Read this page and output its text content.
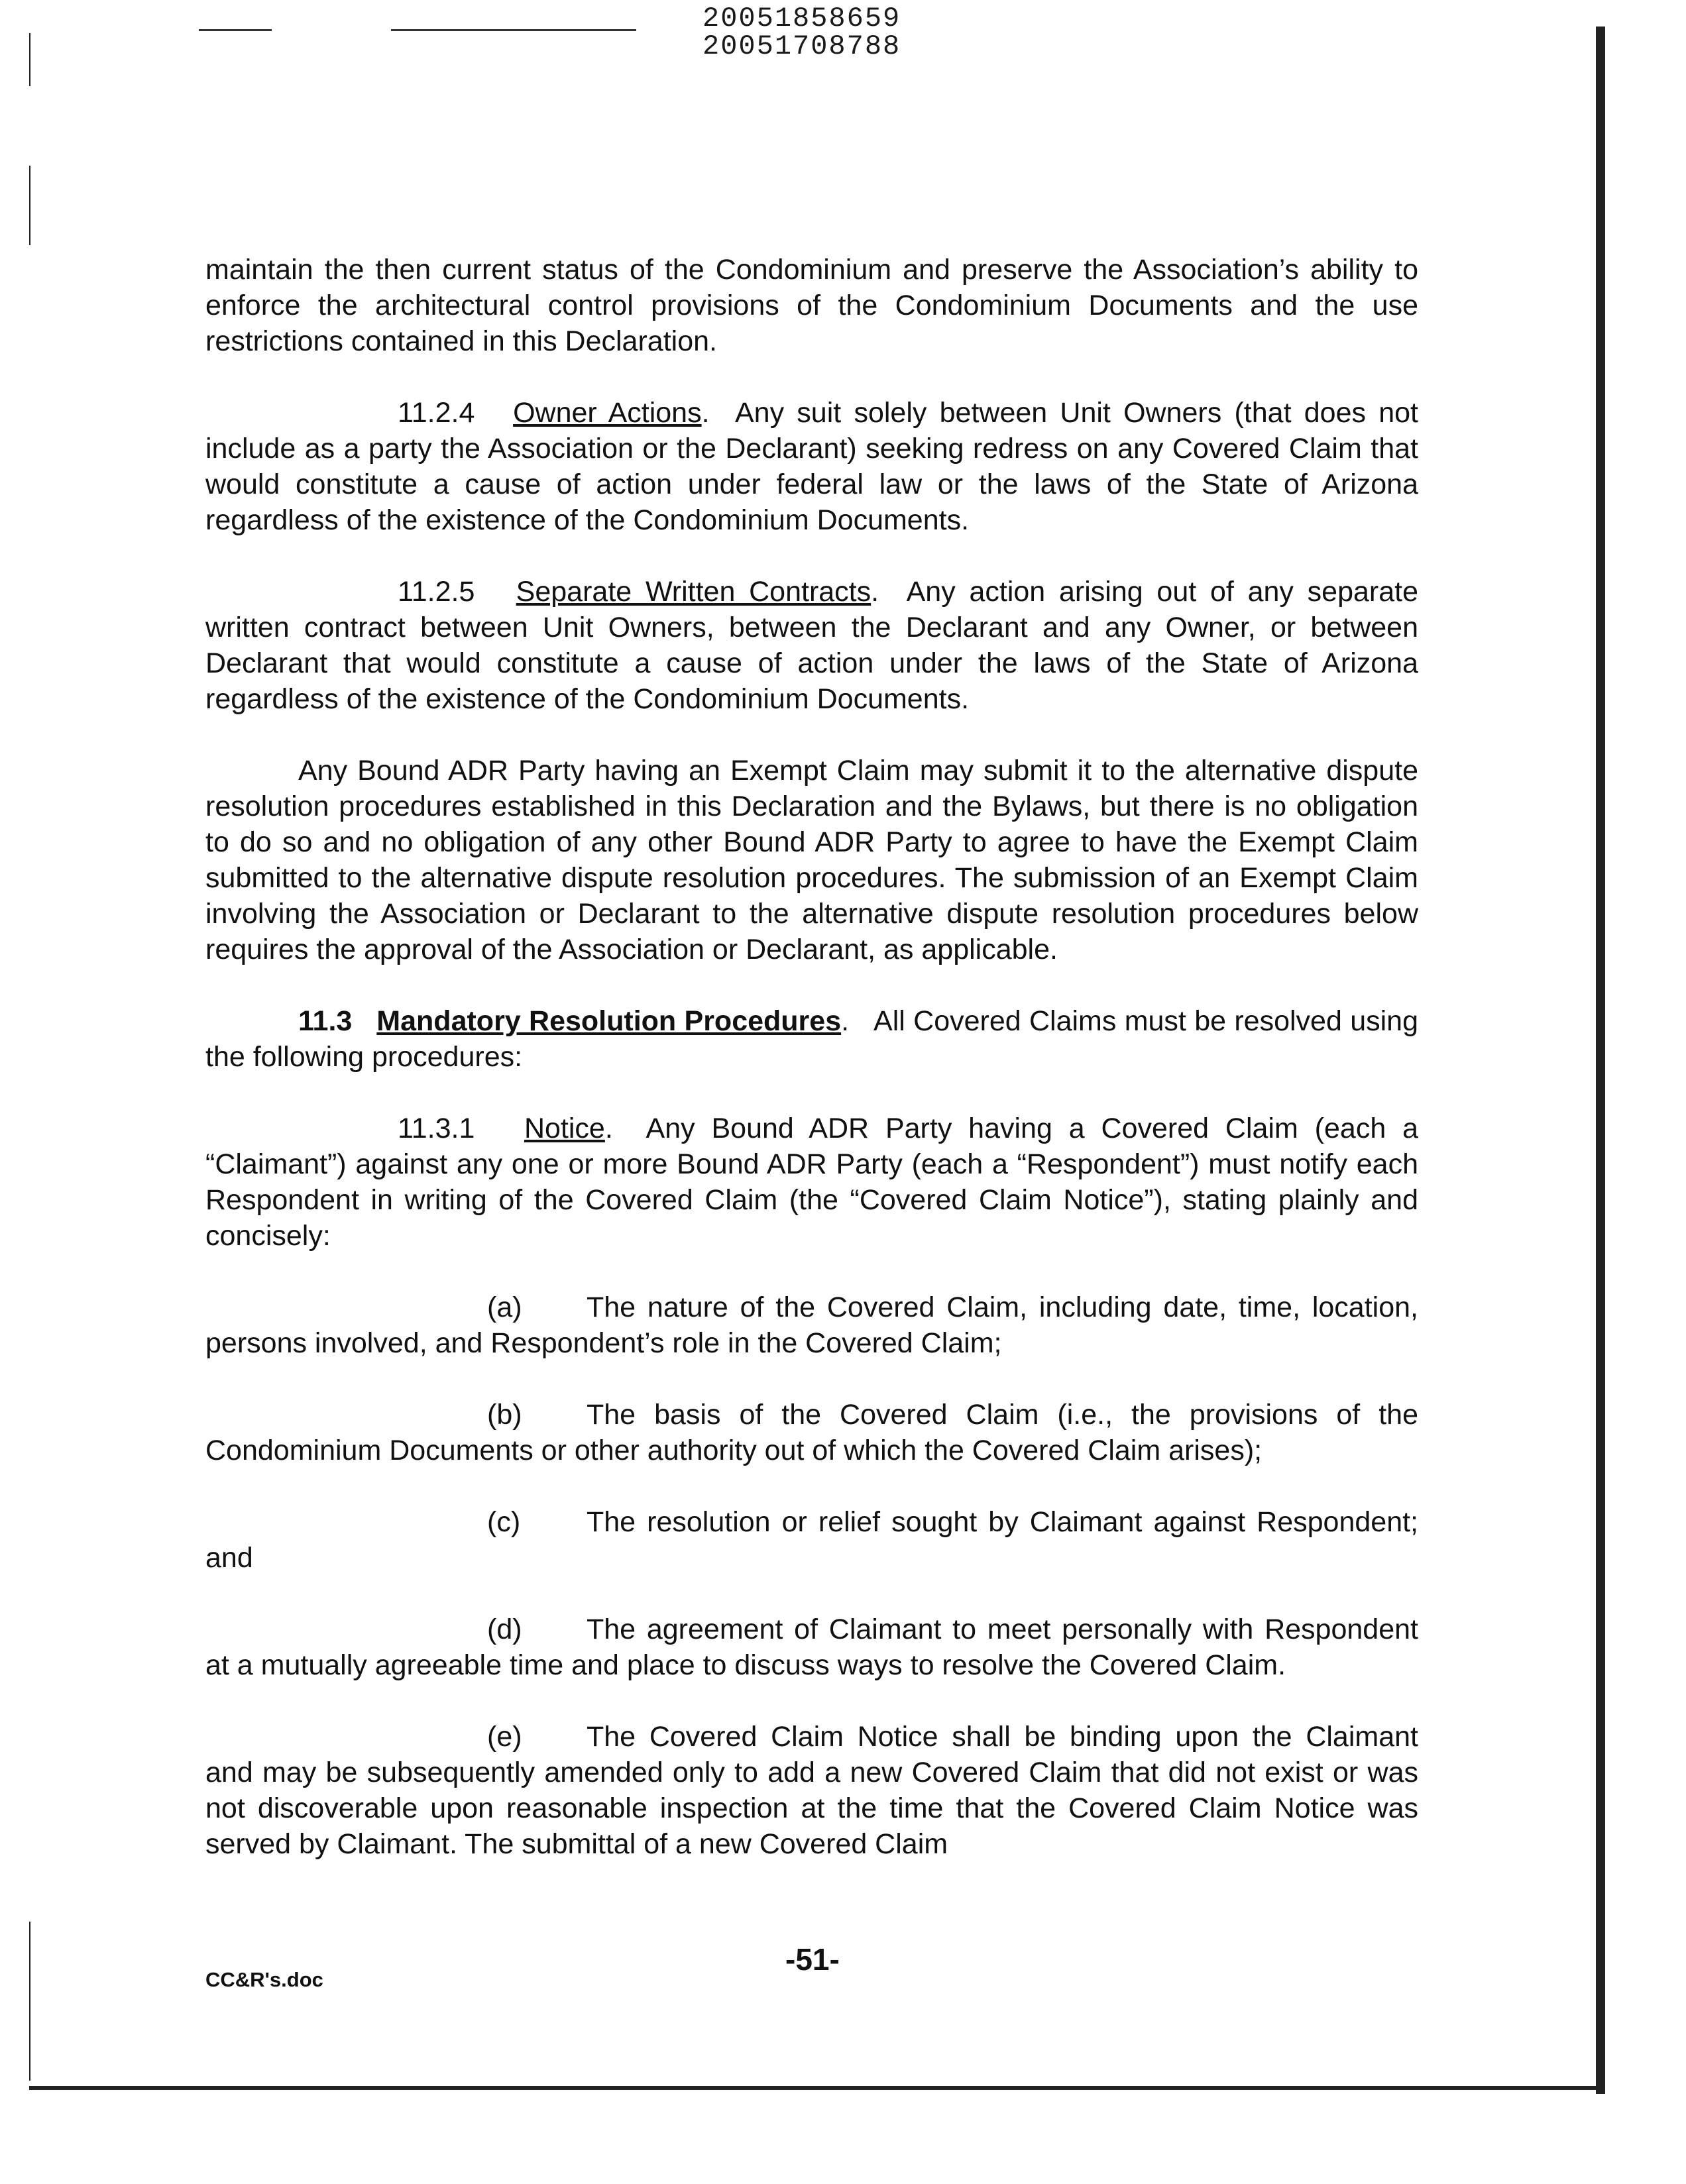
20051858659
20051708788

maintain the then current status of the Condominium and preserve the Association’s ability to enforce the architectural control provisions of the Condominium Documents and the use restrictions contained in this Declaration.

11.2.4 Owner Actions.  Any suit solely between Unit Owners (that does not include as a party the Association or the Declarant) seeking redress on any Covered Claim that would constitute a cause of action under federal law or the laws of the State of Arizona regardless of the existence of the Condominium Documents.

11.2.5 Separate Written Contracts.  Any action arising out of any separate written contract between Unit Owners, between the Declarant and any Owner, or between Declarant that would constitute a cause of action under the laws of the State of Arizona regardless of the existence of the Condominium Documents.

Any Bound ADR Party having an Exempt Claim may submit it to the alternative dispute resolution procedures established in this Declaration and the Bylaws, but there is no obligation to do so and no obligation of any other Bound ADR Party to agree to have the Exempt Claim submitted to the alternative dispute resolution procedures. The submission of an Exempt Claim involving the Association or Declarant to the alternative dispute resolution procedures below requires the approval of the Association or Declarant, as applicable.

11.3 Mandatory Resolution Procedures.   All Covered Claims must be resolved using the following procedures:

11.3.1 Notice.  Any Bound ADR Party having a Covered Claim (each a “Claimant”) against any one or more Bound ADR Party (each a “Respondent”) must notify each Respondent in writing of the Covered Claim (the “Covered Claim Notice”), stating plainly and concisely:

(a) The nature of the Covered Claim, including date, time, location, persons involved, and Respondent’s role in the Covered Claim;

(b) The basis of the Covered Claim (i.e., the provisions of the Condominium Documents or other authority out of which the Covered Claim arises);

(c) The resolution or relief sought by Claimant against Respondent; and

(d) The agreement of Claimant to meet personally with Respondent at a mutually agreeable time and place to discuss ways to resolve the Covered Claim.

(e) The Covered Claim Notice shall be binding upon the Claimant and may be subsequently amended only to add a new Covered Claim that did not exist or was not discoverable upon reasonable inspection at the time that the Covered Claim Notice was served by Claimant. The submittal of a new Covered Claim

CC&R's.doc
-51-
